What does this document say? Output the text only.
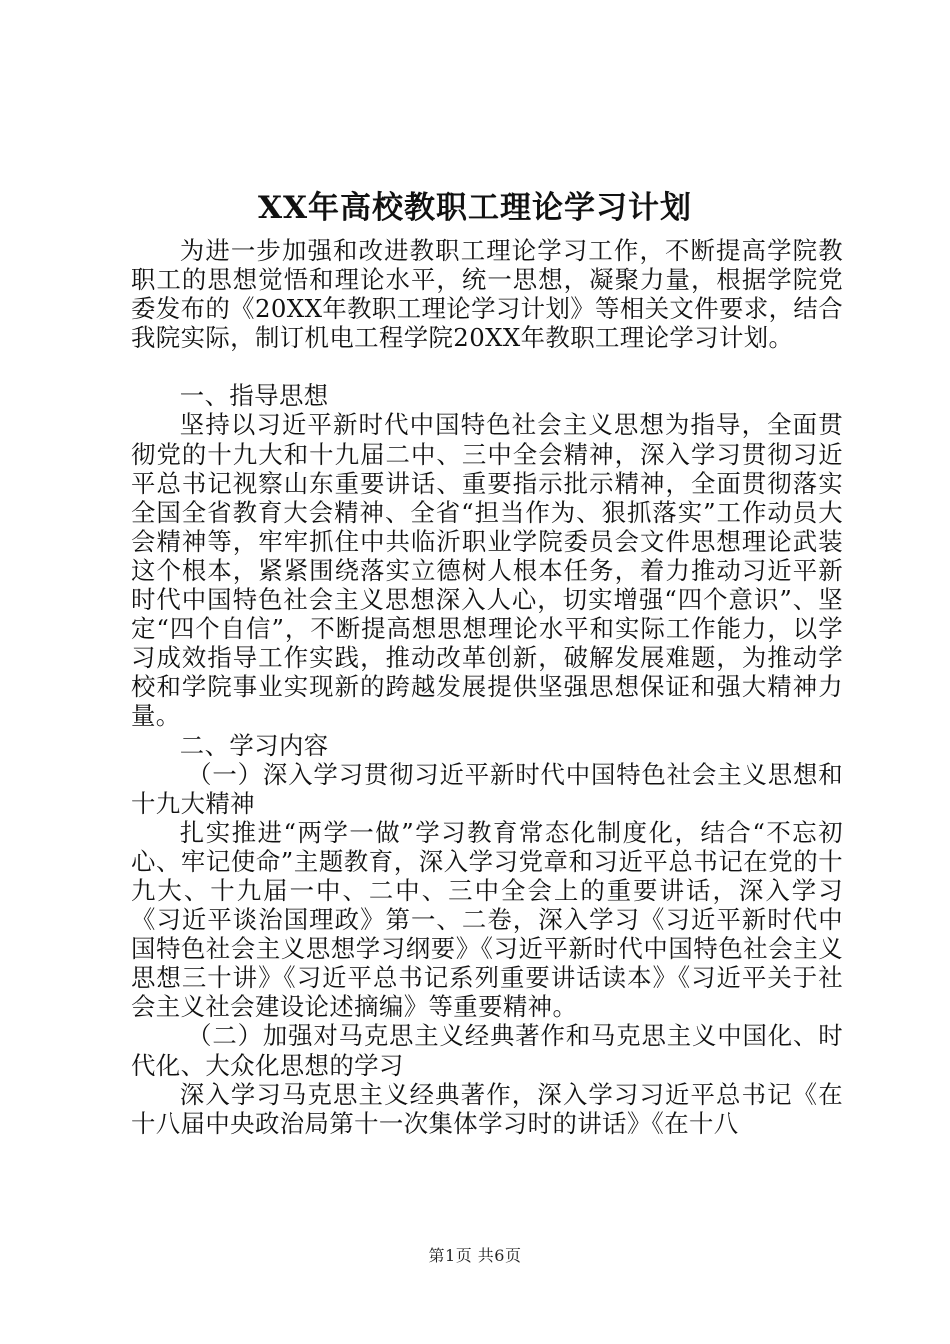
XX年高校教职工理论学习计划

为进一步加强和改进教职工理论学习工作，不断提高学院教职工的思想觉悟和理论水平，统一思想，凝聚力量，根据学院党委发布的《20XX年教职工理论学习计划》等相关文件要求，结合我院实际，制订机电工程学院20XX年教职工理论学习计划。

一、指导思想

坚持以习近平新时代中国特色社会主义思想为指导，全面贯彻党的十九大和十九届二中、三中全会精神，深入学习贯彻习近平总书记视察山东重要讲话、重要指示批示精神，全面贯彻落实全国全省教育大会精神、全省“担当作为、狠抓落实”工作动员大会精神等，牢牢抓住中共临沂职业学院委员会文件思想理论武装这个根本，紧紧围绕落实立德树人根本任务，着力推动习近平新时代中国特色社会主义思想深入人心，切实增强“四个意识”、坚定“四个自信”，不断提高想思想理论水平和实际工作能力，以学习成效指导工作实践，推动改革创新，破解发展难题，为推动学校和学院事业实现新的跨越发展提供坚强思想保证和强大精神力量。

二、学习内容
（一）深入学习贯彻习近平新时代中国特色社会主义思想和十九大精神

扎实推进“两学一做”学习教育常态化制度化，结合“不忘初心、牢记使命”主题教育，深入学习党章和习近平总书记在党的十九大、十九届一中、二中、三中全会上的重要讲话，深入学习《习近平谈治国理政》第一、二卷，深入学习《习近平新时代中国特色社会主义思想学习纲要》《习近平新时代中国特色社会主义思想三十讲》《习近平总书记系列重要讲话读本》《习近平关于社会主义社会建设论述摘编》等重要精神。

（二）加强对马克思主义经典著作和马克思主义中国化、时代化、大众化思想的学习

深入学习马克思主义经典著作，深入学习习近平总书记《在十八届中央政治局第十一次集体学习时的讲话》《在十八

第1页 共6页
